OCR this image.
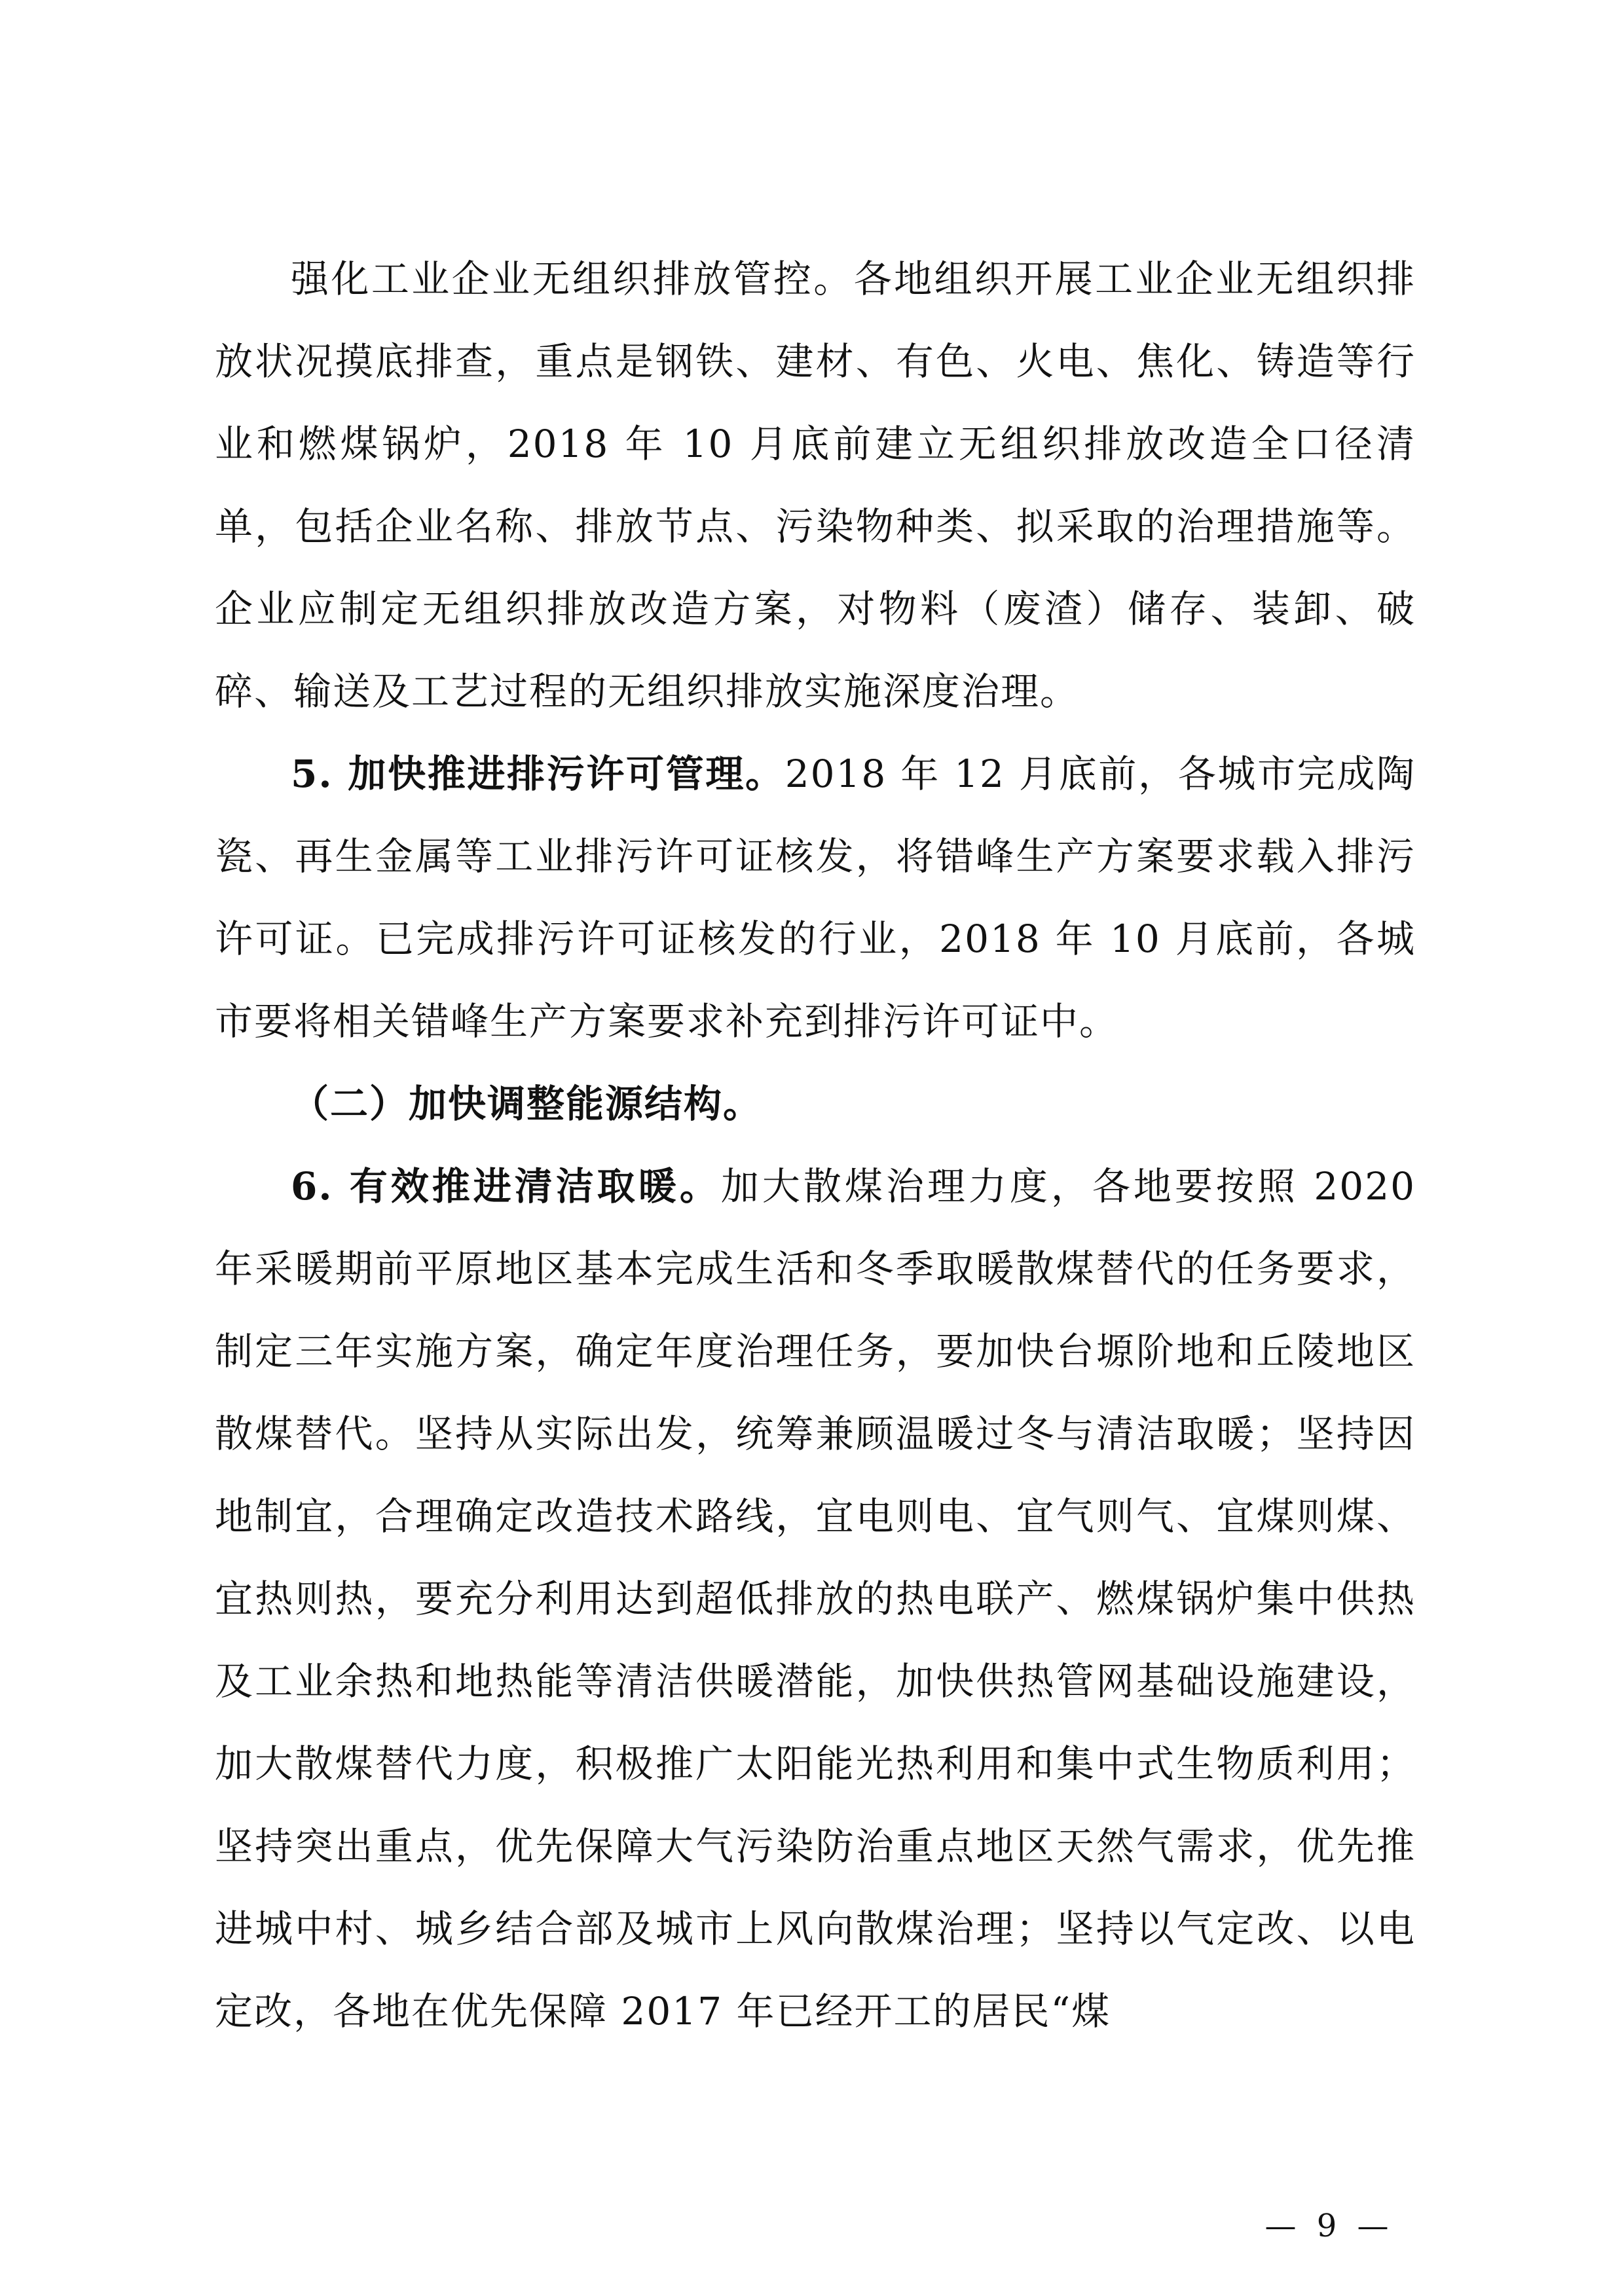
强化工业企业无组织排放管控。各地组织开展工业企业无组织排放状况摸底排查，重点是钢铁、建材、有色、火电、焦化、铸造等行业和燃煤锅炉，2018 年 10 月底前建立无组织排放改造全口径清单，包括企业名称、排放节点、污染物种类、拟采取的治理措施等。企业应制定无组织排放改造方案，对物料（废渣）储存、装卸、破碎、输送及工艺过程的无组织排放实施深度治理。

5. 加快推进排污许可管理。2018 年 12 月底前，各城市完成陶瓷、再生金属等工业排污许可证核发，将错峰生产方案要求载入排污许可证。已完成排污许可证核发的行业，2018 年 10 月底前，各城市要将相关错峰生产方案要求补充到排污许可证中。

（二）加快调整能源结构。

6. 有效推进清洁取暖。加大散煤治理力度，各地要按照 2020 年采暖期前平原地区基本完成生活和冬季取暖散煤替代的任务要求，制定三年实施方案，确定年度治理任务，要加快台塬阶地和丘陵地区散煤替代。坚持从实际出发，统筹兼顾温暖过冬与清洁取暖；坚持因地制宜，合理确定改造技术路线，宜电则电、宜气则气、宜煤则煤、宜热则热，要充分利用达到超低排放的热电联产、燃煤锅炉集中供热及工业余热和地热能等清洁供暖潜能，加快供热管网基础设施建设，加大散煤替代力度，积极推广太阳能光热利用和集中式生物质利用；坚持突出重点，优先保障大气污染防治重点地区天然气需求，优先推进城中村、城乡结合部及城市上风向散煤治理；坚持以气定改、以电定改，各地在优先保障 2017 年已经开工的居民“煤

— 9 —
